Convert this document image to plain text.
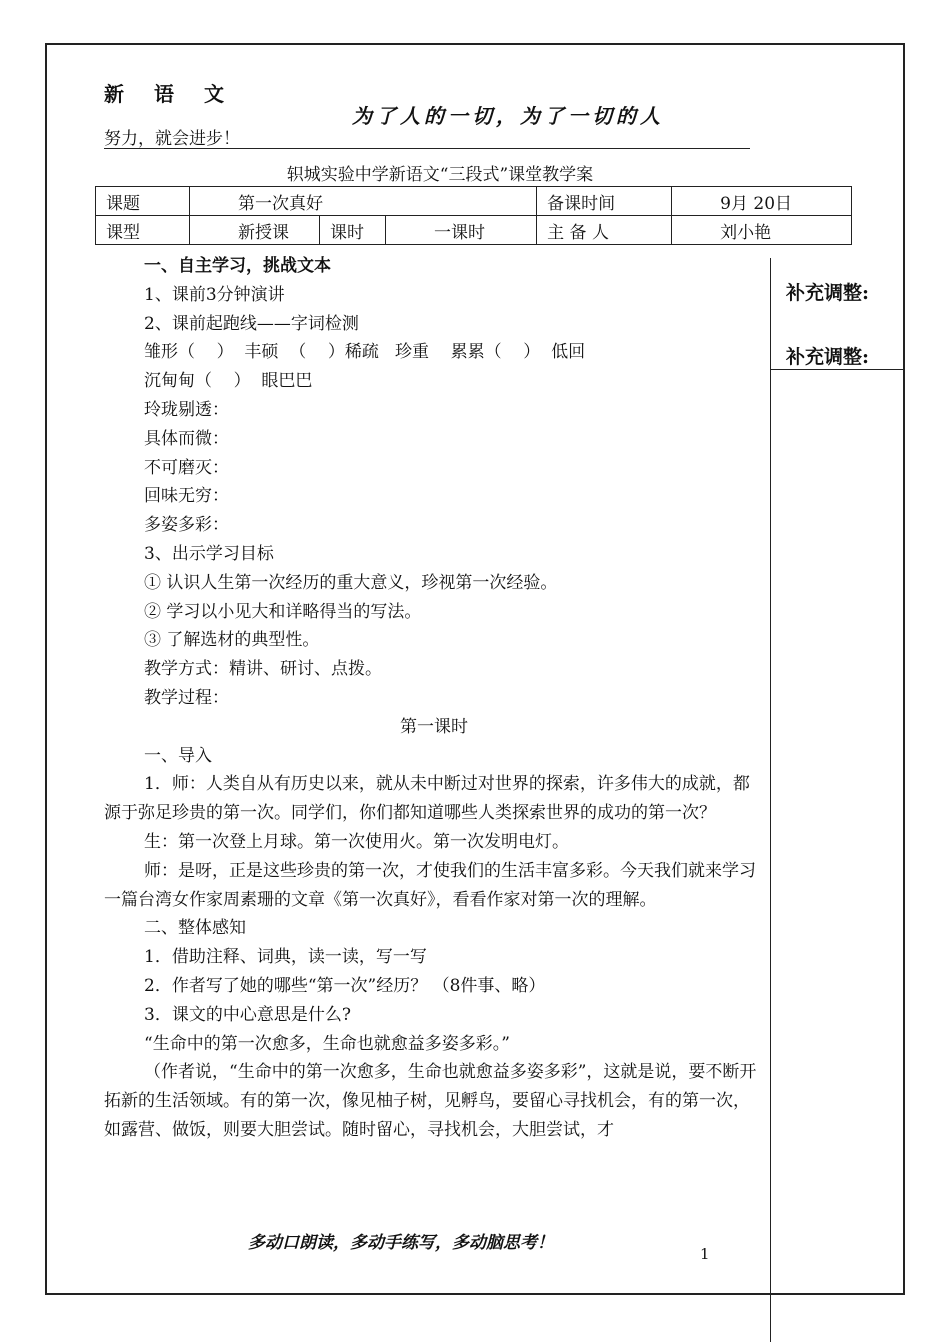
新语文
为了人的一切，为了一切的人
努力，就会进步！
轵城实验中学新语文“三段式”课堂教学案
课题	第一次真好			备课时间	9月 20日
课型	新授课	课时	一课时	主 备 人	刘小艳
补充调整:
补充调整:

一、自主学习，挑战文本

1、课前3分钟演讲

2、课前起跑线——字词检测

雏形（    ）  丰硕  （    ）稀疏   珍重    累累（    ）  低回

沉甸甸（    ）  眼巴巴

玲珑剔透：

具体而微：

不可磨灭：

回味无穷：

多姿多彩：

3、出示学习目标

① 认识人生第一次经历的重大意义，珍视第一次经验。

② 学习以小见大和详略得当的写法。

③ 了解选材的典型性。

教学方式：精讲、研讨、点拨。

教学过程：

第一课时

一、导入

1．师：人类自从有历史以来，就从未中断过对世界的探索，许多伟大的成就，都源于弥足珍贵的第一次。同学们，你们都知道哪些人类探索世界的成功的第一次？

生：第一次登上月球。第一次使用火。第一次发明电灯。

师：是呀，正是这些珍贵的第一次，才使我们的生活丰富多彩。今天我们就来学习一篇台湾女作家周素珊的文章《第一次真好》，看看作家对第一次的理解。

二、整体感知

1．借助注释、词典，读一读，写一写

2．作者写了她的哪些“第一次”经历？ （8件事、略）

3．课文的中心意思是什么?

“生命中的第一次愈多，生命也就愈益多姿多彩。”

（作者说，“生命中的第一次愈多，生命也就愈益多姿多彩”，这就是说，要不断开拓新的生活领域。有的第一次，像见柚子树，见孵鸟，要留心寻找机会，有的第一次，如露营、做饭，则要大胆尝试。随时留心，寻找机会，大胆尝试，才

多动口朗读，多动手练写，多动脑思考！
1
